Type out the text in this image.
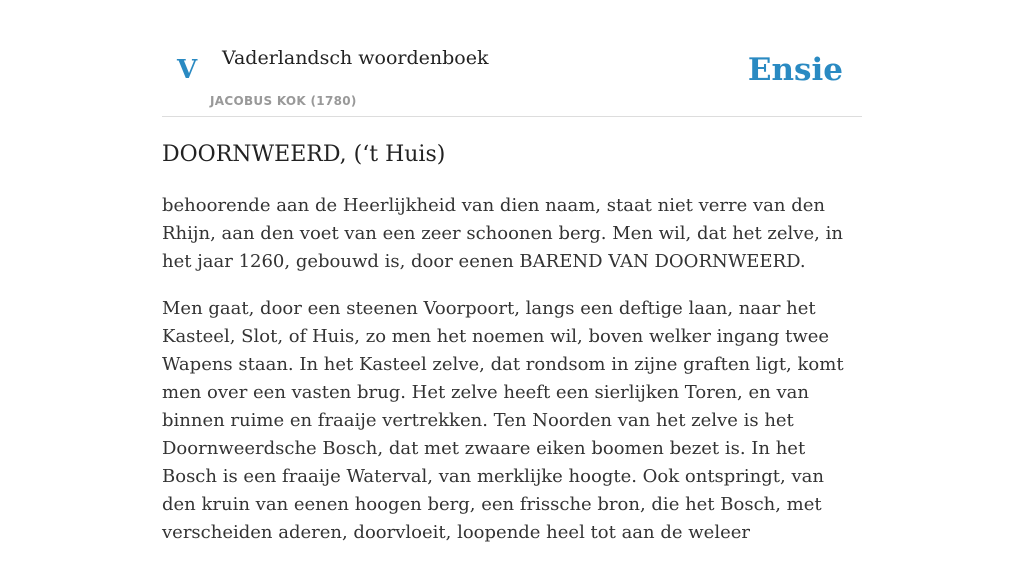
V Vaderlandsch woordenboek
JACOBUS KOK (1780)
Ensie
DOORNWEERD, (‘t Huis)

behoorende aan de Heerlijkheid van dien naam, staat niet verre van den Rhijn, aan den voet van een zeer schoonen berg. Men wil, dat het zelve, in het jaar 1260, gebouwd is, door eenen BAREND VAN DOORNWEERD.

Men gaat, door een steenen Voorpoort, langs een deftige laan, naar het Kasteel, Slot, of Huis, zo men het noemen wil, boven welker ingang twee Wapens staan. In het Kasteel zelve, dat rondsom in zijne graften ligt, komt men over een vasten brug. Het zelve heeft een sierlijken Toren, en van binnen ruime en fraaije vertrekken. Ten Noorden van het zelve is het Doornweerdsche Bosch, dat met zwaare eiken boomen bezet is. In het Bosch is een fraaije Waterval, van merklijke hoogte. Ook ontspringt, van den kruin van eenen hoogen berg, een frissche bron, die het Bosch, met verscheiden aderen, doorvloeit, loopende heel tot aan de weleer
